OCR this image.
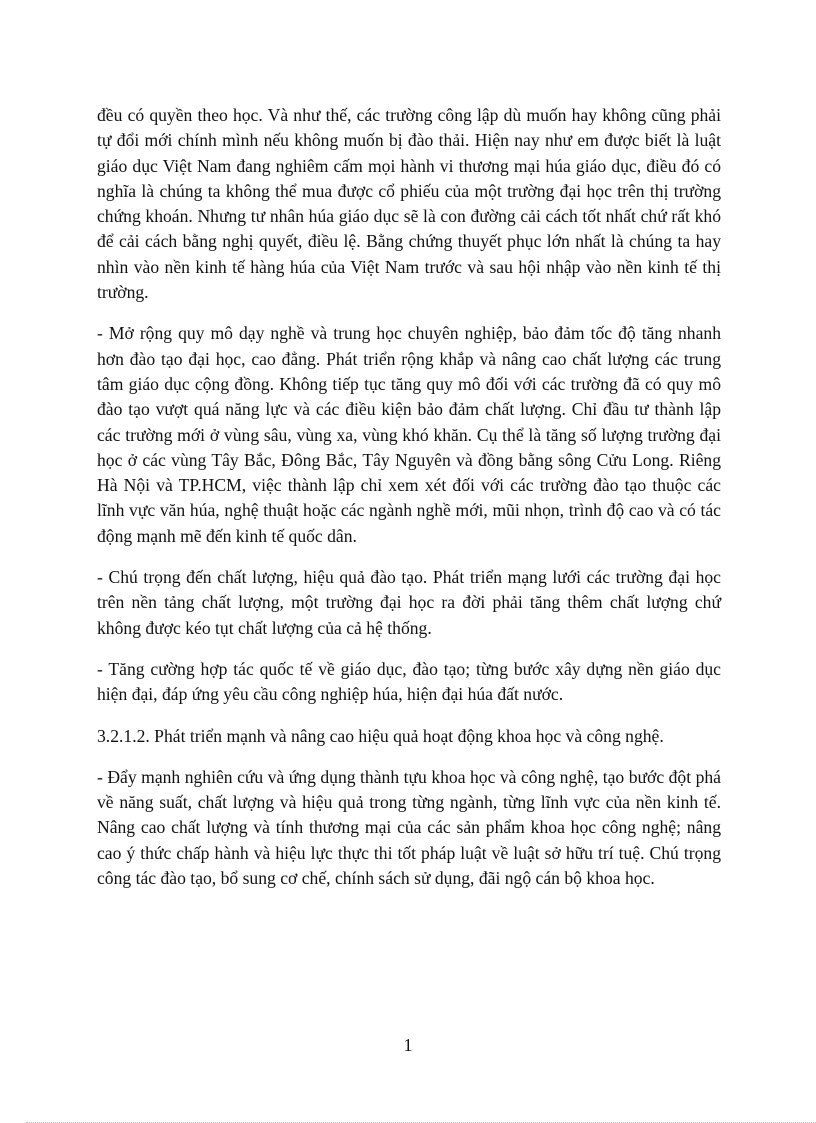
đều có quyền theo học. Và như thế, các trường công lập dù muốn hay không cũng phải tự đổi mới chính mình nếu không muốn bị đào thải. Hiện nay như em được biết là luật giáo dục Việt Nam đang nghiêm cấm mọi hành vi thương mại húa giáo dục, điều đó có nghĩa là chúng ta không thể mua được cổ phiếu của một trường đại học trên thị trường chứng khoán. Nhưng tư nhân húa giáo dục sẽ là con đường cải cách tốt nhất chứ rất khó để cải cách bằng nghị quyết, điều lệ. Bằng chứng thuyết phục lớn nhất là chúng ta hay nhìn vào nền kinh tế hàng húa của Việt Nam trước và sau hội nhập vào nền kinh tế thị trường.

- Mở rộng quy mô dạy nghề và trung học chuyên nghiệp, bảo đảm tốc độ tăng nhanh hơn đào tạo đại học, cao đẳng. Phát triển rộng khắp và nâng cao chất lượng các trung tâm giáo dục cộng đồng. Không tiếp tục tăng quy mô đối với các trường đã có quy mô đào tạo vượt quá năng lực và các điều kiện bảo đảm chất lượng. Chỉ đầu tư thành lập các trường mới ở vùng sâu, vùng xa, vùng khó khăn. Cụ thể là tăng số lượng trường đại học ở các vùng Tây Bắc, Đông Bắc, Tây Nguyên và đồng bằng sông Cửu Long. Riêng Hà Nội và TP.HCM, việc thành lập chỉ xem xét đối với các trường đào tạo thuộc các lĩnh vực văn húa, nghệ thuật hoặc các ngành nghề mới, mũi nhọn, trình độ cao và có tác động mạnh mẽ đến kinh tế quốc dân.

- Chú trọng đến chất lượng, hiệu quả đào tạo. Phát triển mạng lưới các trường đại học trên nền tảng chất lượng, một trường đại học ra đời phải tăng thêm chất lượng chứ không được kéo tụt chất lượng của cả hệ thống.

- Tăng cường hợp tác quốc tế về giáo dục, đào tạo; từng bước xây dựng nền giáo dục hiện đại, đáp ứng yêu cầu công nghiệp húa, hiện đại húa đất nước.

3.2.1.2. Phát triển mạnh và nâng cao hiệu quả hoạt động khoa học và công nghệ.

- Đẩy mạnh nghiên cứu và ứng dụng thành tựu khoa học và công nghệ, tạo bước đột phá về năng suất, chất lượng và hiệu quả trong từng ngành, từng lĩnh vực của nền kinh tế. Nâng cao chất lượng và tính thương mại của các sản phẩm khoa học công nghệ; nâng cao ý thức chấp hành và hiệu lực thực thi tốt pháp luật về luật sở hữu trí tuệ. Chú trọng công tác đào tạo, bổ sung cơ chế, chính sách sử dụng, đãi ngộ cán bộ khoa học.

1
